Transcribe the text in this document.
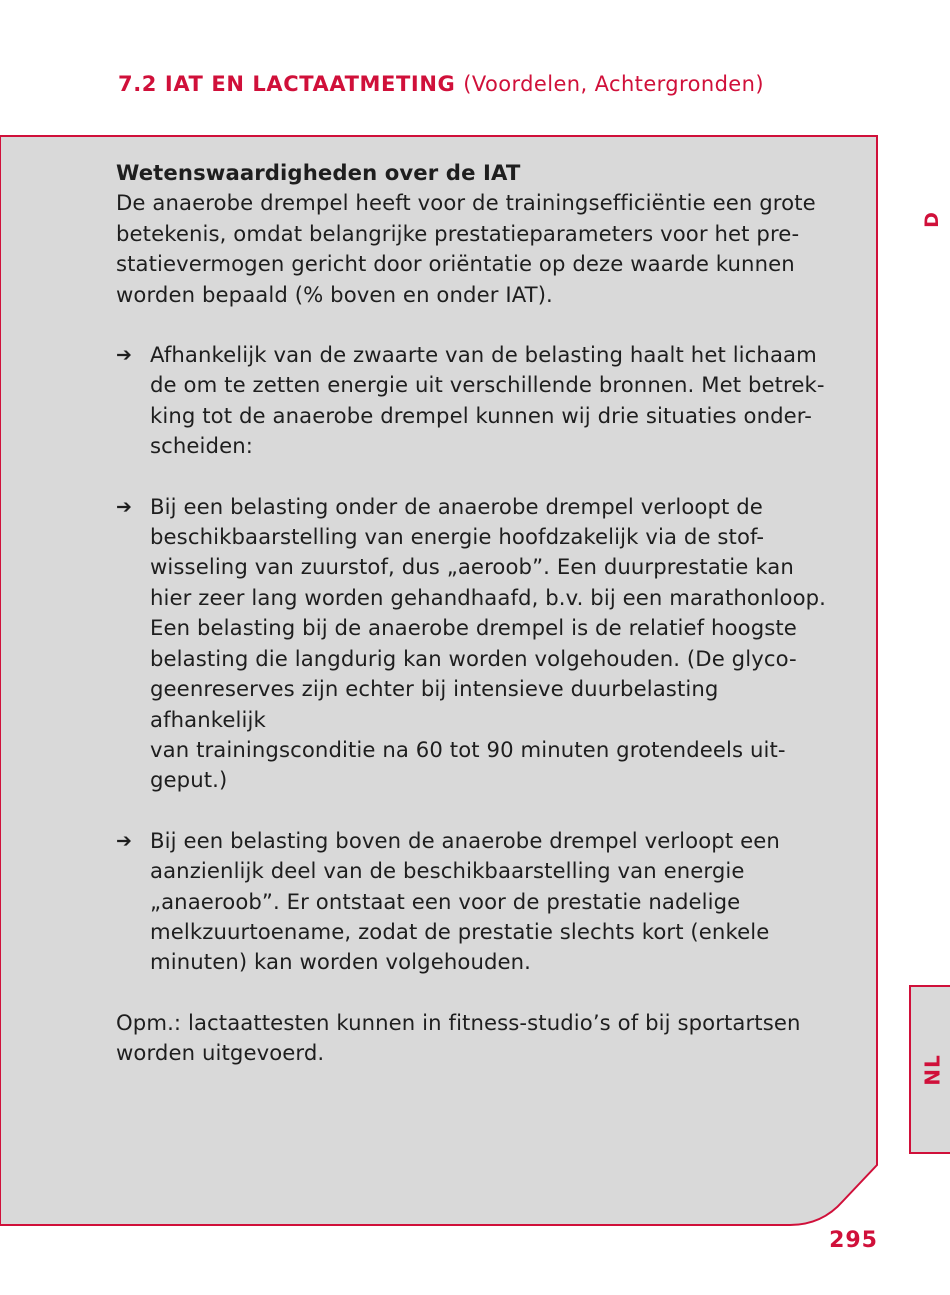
7.2 IAT EN LACTAATMETING (Voordelen, Achtergronden)

Wetenswaardigheden over de IAT

De anaerobe drempel heeft voor de trainingsefficiëntie een grote

betekenis, omdat belangrijke prestatieparameters voor het pre-

statievermogen gericht door oriëntatie op deze waarde kunnen

worden bepaald (% boven en onder IAT).

➔ Afhankelijk van de zwaarte van de belasting haalt het lichaam

de om te zetten energie uit verschillende bronnen. Met betrek-

king tot de anaerobe drempel kunnen wij drie situaties onder-

scheiden:

➔ Bij een belasting onder de anaerobe drempel verloopt de

beschikbaarstelling van energie hoofdzakelijk via de stof-

wisseling van zuurstof, dus „aeroob”. Een duurprestatie kan

hier zeer lang worden gehandhaafd, b.v. bij een marathonloop.

Een belasting bij de anaerobe drempel is de relatief hoogste

belasting die langdurig kan worden volgehouden. (De glyco-

geenreserves zijn echter bij intensieve duurbelasting afhankelijk

van trainingsconditie na 60 tot 90 minuten grotendeels uit-

geput.)

➔ Bij een belasting boven de anaerobe drempel verloopt een

aanzienlijk deel van de beschikbaarstelling van energie

„anaeroob”. Er ontstaat een voor de prestatie nadelige

melkzuurtoename, zodat de prestatie slechts kort (enkele

minuten) kan worden volgehouden.

Opm.: lactaattesten kunnen in fitness-studio’s of bij sportartsen

worden uitgevoerd.

D
NL
295
